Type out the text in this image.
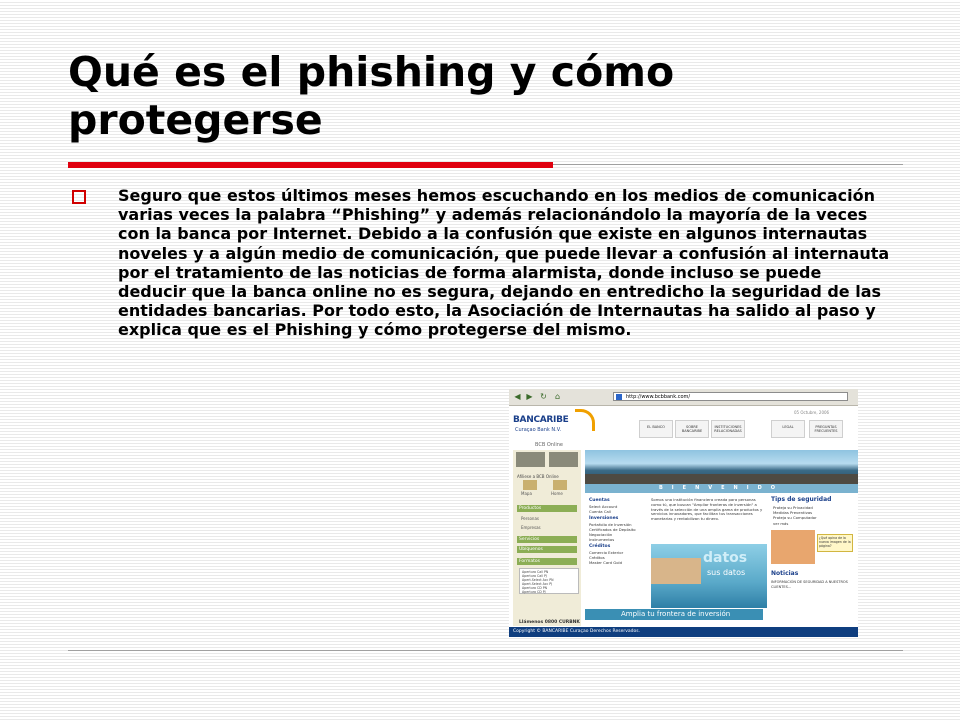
Qué es el phishing y cómo protegerse

Seguro que estos últimos meses hemos escuchando en los medios de comunicación varias veces la palabra “Phishing” y además relacionándolo la mayoría de la veces con la banca por Internet. Debido a la confusión que existe en algunos internautas noveles y a algún medio de comunicación, que puede llevar a confusión al internauta por el tratamiento de las noticias de forma alarmista, donde incluso se puede deducir que la banca online no es segura, dejando en entredicho la seguridad de las entidades bancarias. Por todo esto, la Asociación de Internautas ha salido al paso y explica que es el Phishing y cómo protegerse del mismo.

◀ ▶ ↻ ⌂	http://www.bcbbank.com/
BANCARIBE
Curaçao Bank N.V.
BCB Online
05 Octubre, 2006
EL BANCO	SOBRE BANCARIBE
INSTITUCIONES RELACIONADAS
LEGAL	PREGUNTAS FRECUENTES
Afíliese a BCB Online
Mapa	Home
Productos
Personas
Empresas
Servicios
Ubíquenos
Formatos
Apertura Call PN
Apertura Call PJ
Apert.Select Acc PN
Apert.Select Acc PJ
Apertura CD PN
Apertura CD PJ
Llámenos 0800 CURBNK
BIENVENIDO
Cuentas
Select Account
Cuenta Call
Inversiones
Portafolio de Inversión
Certificados de Depósito
Negociación
Instrumentos
Créditos
Comercio Exterior
Créditos
Master Card Gold
Somos una institución financiera creada para personas como tú, que buscan "Ampliar fronteras de inversión" a través de la selección de una amplia gama de productos y servicios innovadores, que facilitan tus transacciones monetarias y rentabilizan tu dinero.
datos
sus datos
Amplia tu frontera de inversión
Tips de seguridad
Proteja su Privacidad
Medidas Preventivas
Proteja su Computador
ver más
¿Qué opina de la nueva imagen de la página?
Noticias
INFORMACIÓN DE SEGURIDAD A NUESTROS CLIENTES...
Copyright © BANCARIBE Curaçao Derechos Reservados.
